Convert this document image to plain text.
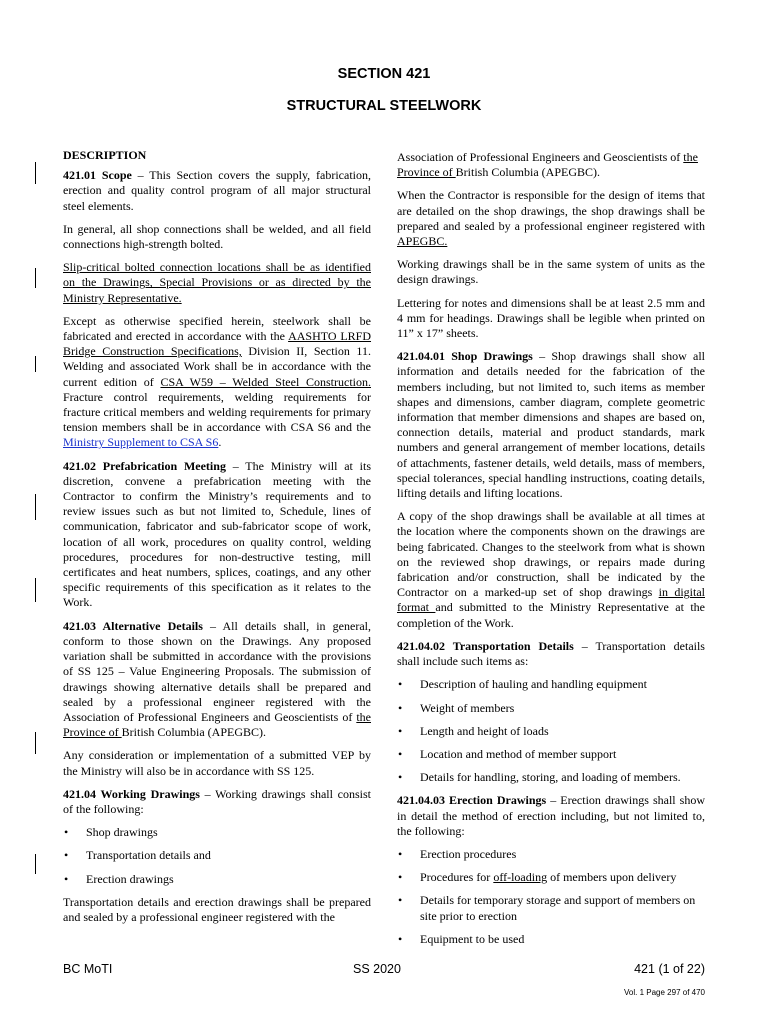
SECTION 421
STRUCTURAL STEELWORK

DESCRIPTION

421.01 Scope – This Section covers the supply, fabrication, erection and quality control program of all major structural steel elements.

In general, all shop connections shall be welded, and all field connections high-strength bolted.

Slip-critical bolted connection locations shall be as identified on the Drawings, Special Provisions or as directed by the Ministry Representative.

Except as otherwise specified herein, steelwork shall be fabricated and erected in accordance with the AASHTO LRFD Bridge Construction Specifications, Division II, Section 11. Welding and associated Work shall be in accordance with the current edition of CSA W59 – Welded Steel Construction. Fracture control requirements, welding requirements for fracture critical members and welding requirements for primary tension members shall be in accordance with CSA S6 and the Ministry Supplement to CSA S6.

421.02 Prefabrication Meeting – The Ministry will at its discretion, convene a prefabrication meeting with the Contractor to confirm the Ministry’s requirements and to review issues such as but not limited to, Schedule, lines of communication, fabricator and sub-fabricator scope of work, location of all work, procedures on quality control, welding procedures, procedures for non-destructive testing, mill certificates and heat numbers, splices, coatings, and any other specific requirements of this specification as it relates to the Work.

421.03 Alternative Details – All details shall, in general, conform to those shown on the Drawings. Any proposed variation shall be submitted in accordance with the provisions of SS 125 – Value Engineering Proposals. The submission of drawings showing alternative details shall be prepared and sealed by a professional engineer registered with the Association of Professional Engineers and Geoscientists of the Province of British Columbia (APEGBC).

Any consideration or implementation of a submitted VEP by the Ministry will also be in accordance with SS 125.

421.04 Working Drawings – Working drawings shall consist of the following:

• Shop drawings
• Transportation details and
• Erection drawings

Transportation details and erection drawings shall be prepared and sealed by a professional engineer registered with the

Association of Professional Engineers and Geoscientists of the Province of British Columbia (APEGBC).

When the Contractor is responsible for the design of items that are detailed on the shop drawings, the shop drawings shall be prepared and sealed by a professional engineer registered with APEGBC.

Working drawings shall be in the same system of units as the design drawings.

Lettering for notes and dimensions shall be at least 2.5 mm and 4 mm for headings. Drawings shall be legible when printed on 11” x 17” sheets.

421.04.01 Shop Drawings – Shop drawings shall show all information and details needed for the fabrication of the members including, but not limited to, such items as member shapes and dimensions, camber diagram, complete geometric information that member dimensions and shapes are based on, connection details, material and product standards, mark numbers and general arrangement of member locations, details of attachments, fastener details, weld details, mass of members, special tolerances, special handling instructions, coating details, lifting details and lifting locations.

A copy of the shop drawings shall be available at all times at the location where the components shown on the drawings are being fabricated. Changes to the steelwork from what is shown on the reviewed shop drawings, or repairs made during fabrication and/or construction, shall be indicated by the Contractor on a marked-up set of shop drawings in digital format and submitted to the Ministry Representative at the completion of the Work.

421.04.02 Transportation Details – Transportation details shall include such items as:

• Description of hauling and handling equipment
• Weight of members
• Length and height of loads
• Location and method of member support
• Details for handling, storing, and loading of members.

421.04.03 Erection Drawings – Erection drawings shall show in detail the method of erection including, but not limited to, the following:

• Erection procedures
• Procedures for off-loading of members upon delivery
• Details for temporary storage and support of members on site prior to erection
• Equipment to be used
BC MoTI	SS 2020	421 (1 of 22)
Vol. 1 Page 297 of 470
